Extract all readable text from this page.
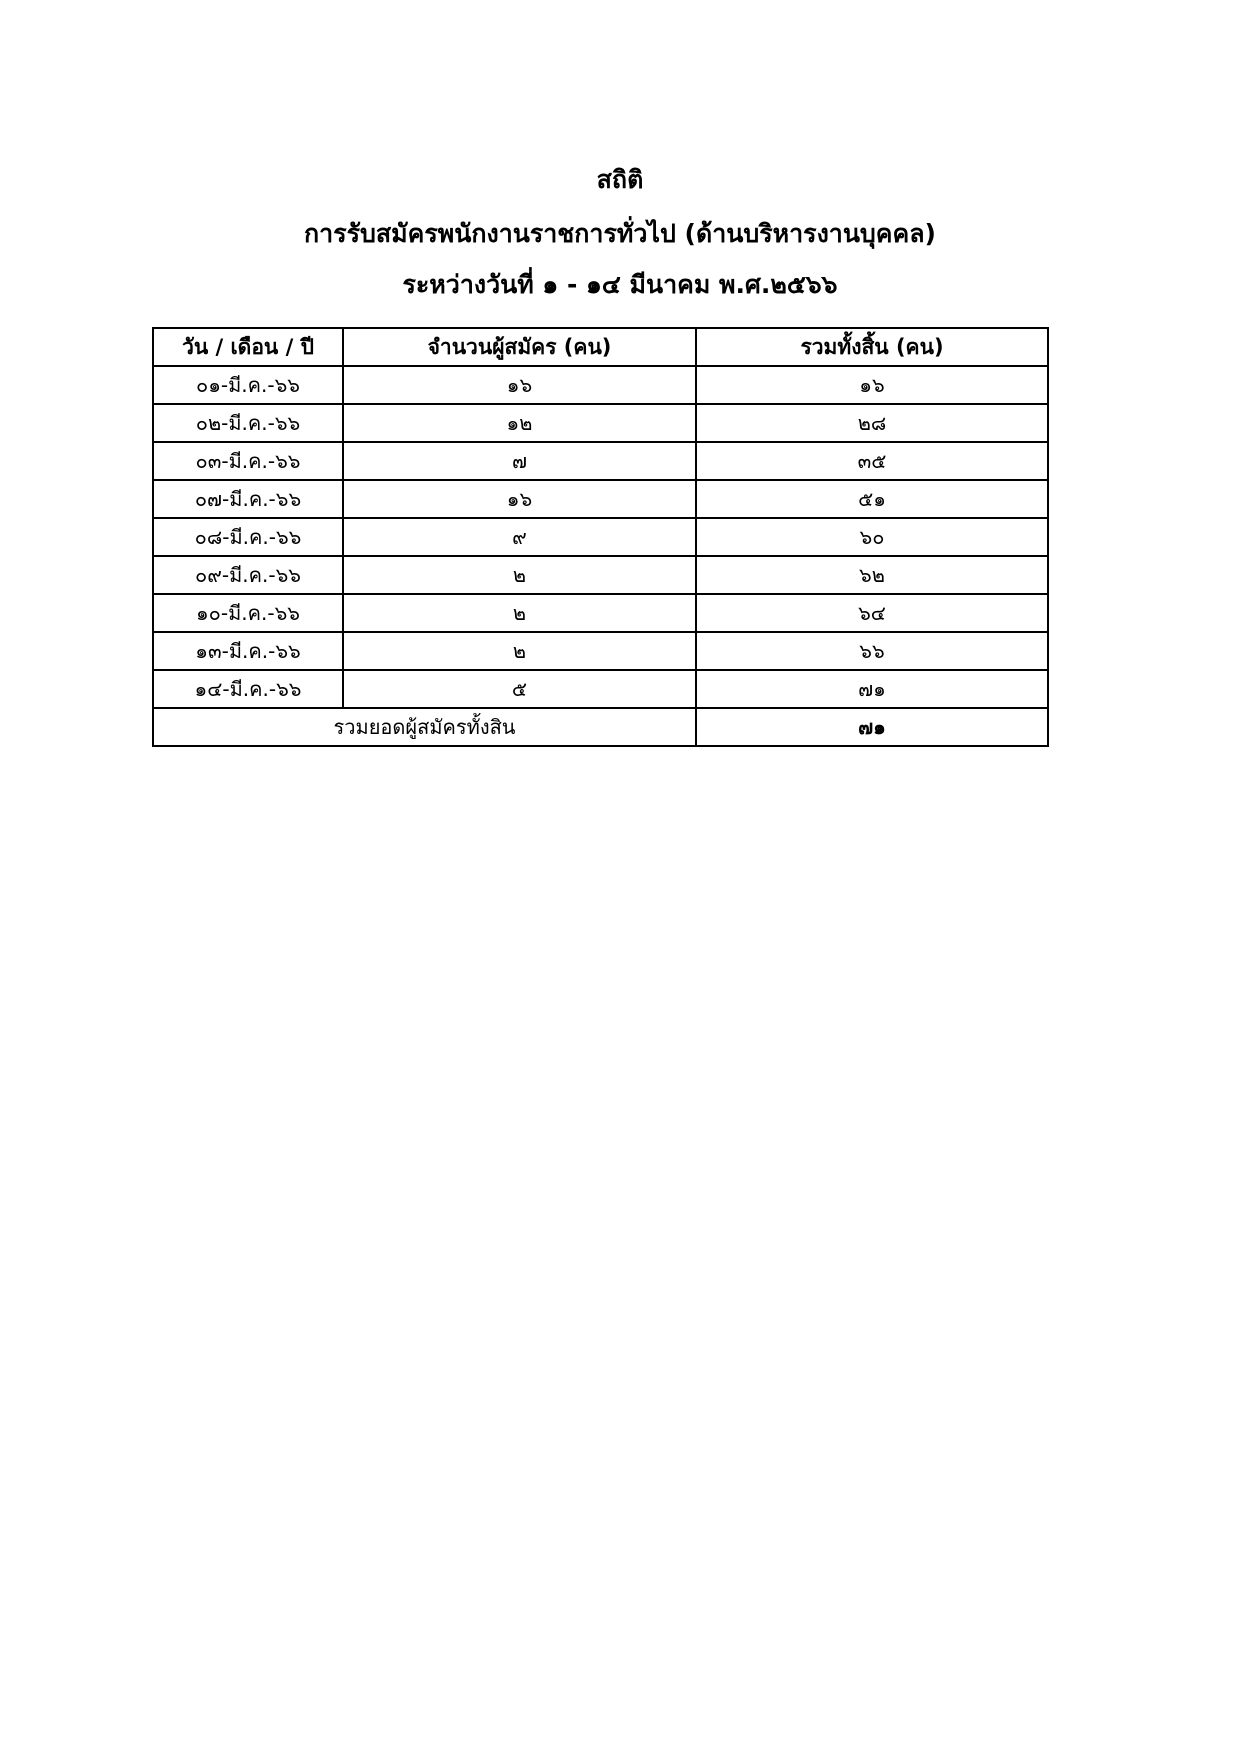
สถิติ
การรับสมัครพนักงานราชการทั่วไป (ด้านบริหารงานบุคคล)
ระหว่างวันที่ ๑ - ๑๔ มีนาคม พ.ศ.๒๕๖๖
วัน / เดือน / ปี	จำนวนผู้สมัคร (คน)	รวมทั้งสิ้น (คน)
๐๑-มี.ค.-๖๖	๑๖	๑๖
๐๒-มี.ค.-๖๖	๑๒	๒๘
๐๓-มี.ค.-๖๖	๗	๓๕
๐๗-มี.ค.-๖๖	๑๖	๕๑
๐๘-มี.ค.-๖๖	๙	๖๐
๐๙-มี.ค.-๖๖	๒	๖๒
๑๐-มี.ค.-๖๖	๒	๖๔
๑๓-มี.ค.-๖๖	๒	๖๖
๑๔-มี.ค.-๖๖	๕	๗๑
รวมยอดผู้สมัครทั้งสิน		๗๑
